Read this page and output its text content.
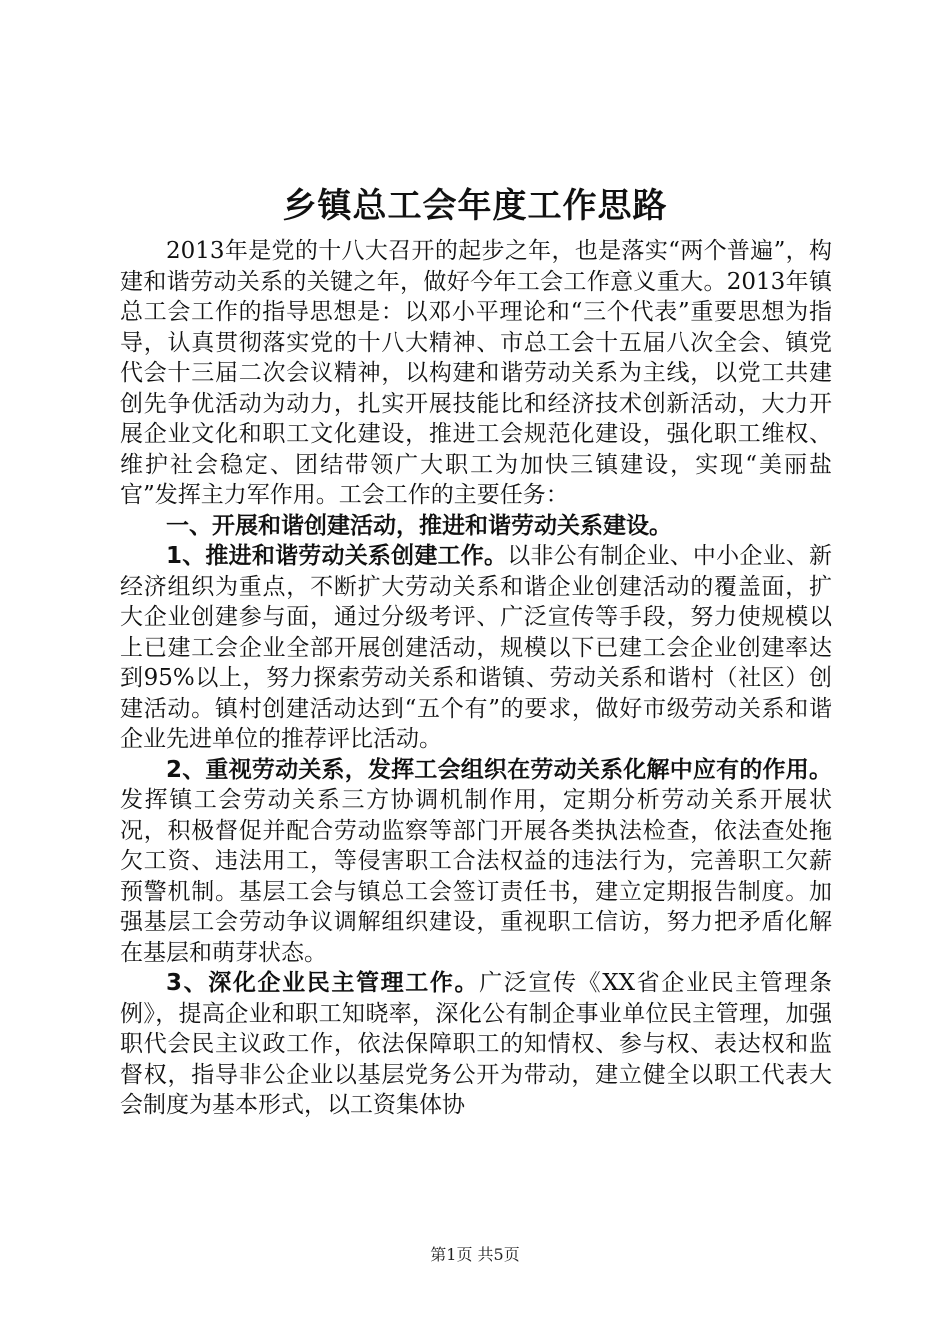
乡镇总工会年度工作思路

2013年是党的十八大召开的起步之年，也是落实“两个普遍”，构建和谐劳动关系的关键之年，做好今年工会工作意义重大。2013年镇总工会工作的指导思想是：以邓小平理论和“三个代表”重要思想为指导，认真贯彻落实党的十八大精神、市总工会十五届八次全会、镇党代会十三届二次会议精神，以构建和谐劳动关系为主线，以党工共建创先争优活动为动力，扎实开展技能比和经济技术创新活动，大力开展企业文化和职工文化建设，推进工会规范化建设，强化职工维权、维护社会稳定、团结带领广大职工为加快三镇建设，实现“美丽盐官”发挥主力军作用。工会工作的主要任务：

一、开展和谐创建活动，推进和谐劳动关系建设。

1、推进和谐劳动关系创建工作。以非公有制企业、中小企业、新经济组织为重点，不断扩大劳动关系和谐企业创建活动的覆盖面，扩大企业创建参与面，通过分级考评、广泛宣传等手段，努力使规模以上已建工会企业全部开展创建活动，规模以下已建工会企业创建率达到95%以上，努力探索劳动关系和谐镇、劳动关系和谐村（社区）创建活动。镇村创建活动达到“五个有”的要求，做好市级劳动关系和谐企业先进单位的推荐评比活动。

2、重视劳动关系，发挥工会组织在劳动关系化解中应有的作用。发挥镇工会劳动关系三方协调机制作用，定期分析劳动关系开展状况，积极督促并配合劳动监察等部门开展各类执法检查，依法查处拖欠工资、违法用工，等侵害职工合法权益的违法行为，完善职工欠薪预警机制。基层工会与镇总工会签订责任书，建立定期报告制度。加强基层工会劳动争议调解组织建设，重视职工信访，努力把矛盾化解在基层和萌芽状态。

3、深化企业民主管理工作。广泛宣传《XX省企业民主管理条例》，提高企业和职工知晓率，深化公有制企事业单位民主管理，加强职代会民主议政工作，依法保障职工的知情权、参与权、表达权和监督权，指导非公企业以基层党务公开为带动，建立健全以职工代表大会制度为基本形式，以工资集体协

第1页 共5页
